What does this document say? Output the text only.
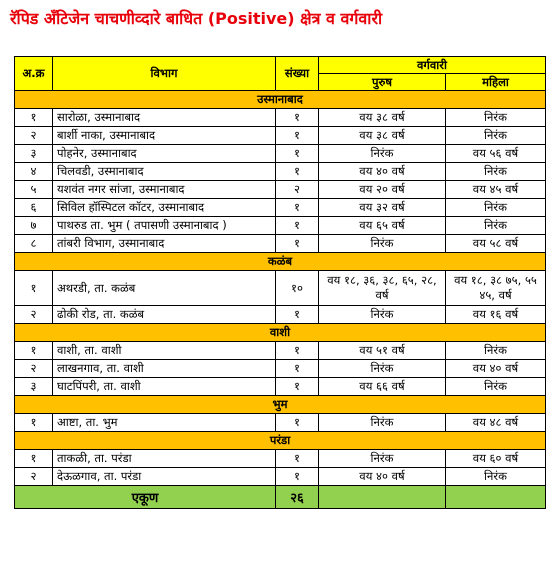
रॅपिड अँटिजेन चाचणीव्दारे बाधित (Positive) क्षेत्र व वर्गवारी
अ.क्र	विभाग	संख्या	वर्गवारी	
			पुरुष	महिला
उस्मानाबाद				
१	सारोळा, उस्मानाबाद	१	वय ३८ वर्ष	निरंक
२	बार्शी नाका, उस्मानाबाद	१	वय ३८ वर्ष	निरंक
३	पोहनेर, उस्मानाबाद	१	निरंक	वय ५६ वर्ष
४	चिलवडी, उस्मानाबाद	१	वय ४० वर्ष	निरंक
५	यशवंत नगर सांजा, उस्मानाबाद	२	वय २० वर्ष	वय ४५ वर्ष
६	सिविल हॉस्पिटल कॉटर, उस्मानाबाद	१	वय ३२ वर्ष	निरंक
७	पाथरुड ता. भुम ( तपासणी उस्मानाबाद )	१	वय ६५ वर्ष	निरंक
८	तांबरी विभाग, उस्मानाबाद	१	निरंक	वय ५८ वर्ष
कळंब				
१	अथरडी, ता. कळंब	१०	वय १८, ३६, ३८, ६५, २८, वर्ष	वय १८, ३८ ७५, ५५ ४५, वर्ष
२	ढोकी रोड, ता. कळंब	१	निरंक	वय १६ वर्ष
वाशी				
१	वाशी, ता. वाशी	१	वय ५१ वर्ष	निरंक
२	लाखनगाव, ता. वाशी	१	निरंक	वय ४० वर्ष
३	घाटपिंपरी, ता. वाशी	१	वय ६६ वर्ष	निरंक
भुम				
१	आष्टा, ता. भुम	१	निरंक	वय ४८ वर्ष
परंडा				
१	ताकळी, ता. परंडा	१	निरंक	वय ६० वर्ष
२	देऊळगाव, ता. परंडा	१	वय ४० वर्ष	निरंक
एकूण		२६		
